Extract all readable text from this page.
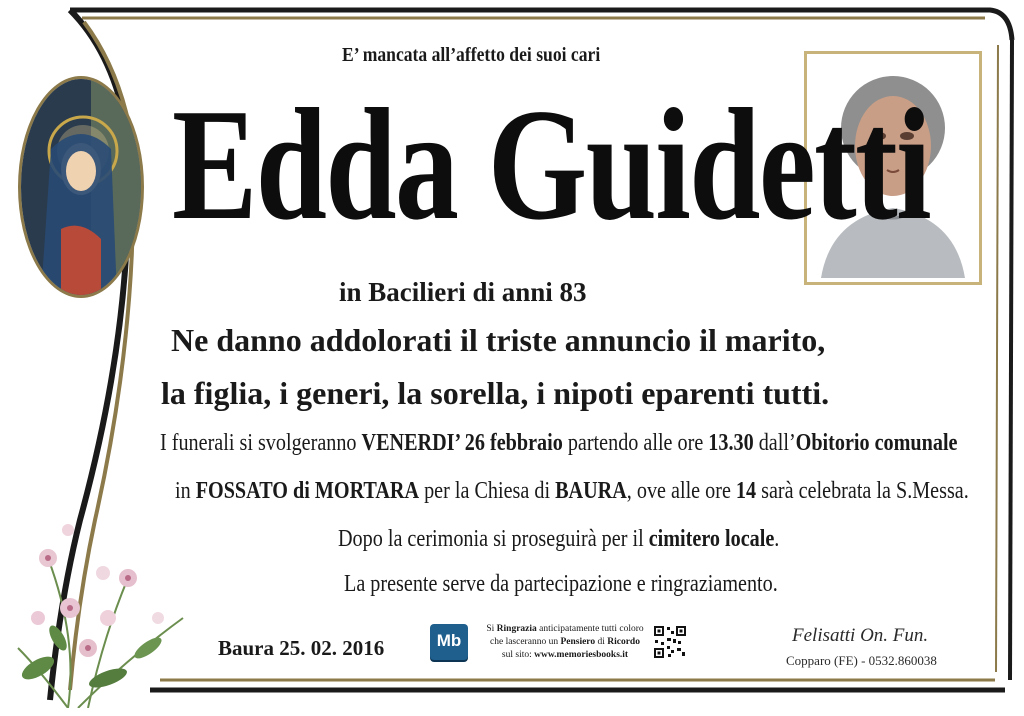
E’ mancata all’affetto dei suoi cari
Edda Guidetti
in Bacilieri di anni 83
Ne danno addolorati il triste annuncio il marito,
la figlia, i generi, la sorella, i nipoti eparenti tutti.
I funerali si svolgeranno VENERDI’ 26 febbraio partendo alle ore 13.30 dall’Obitorio comunale
in FOSSATO di MORTARA per la Chiesa di BAURA, ove alle ore 14 sarà celebrata la S.Messa.
Dopo la cerimonia si proseguirà per il cimitero locale.
La presente serve da partecipazione e ringraziamento.
Baura 25. 02. 2016	Mb
Si Ringrazia anticipatamente tutti coloro
che lasceranno un Pensiero di Ricordo
sul sito: www.memoriesbooks.it
Felisatti On. Fun.
Copparo (FE) - 0532.860038
